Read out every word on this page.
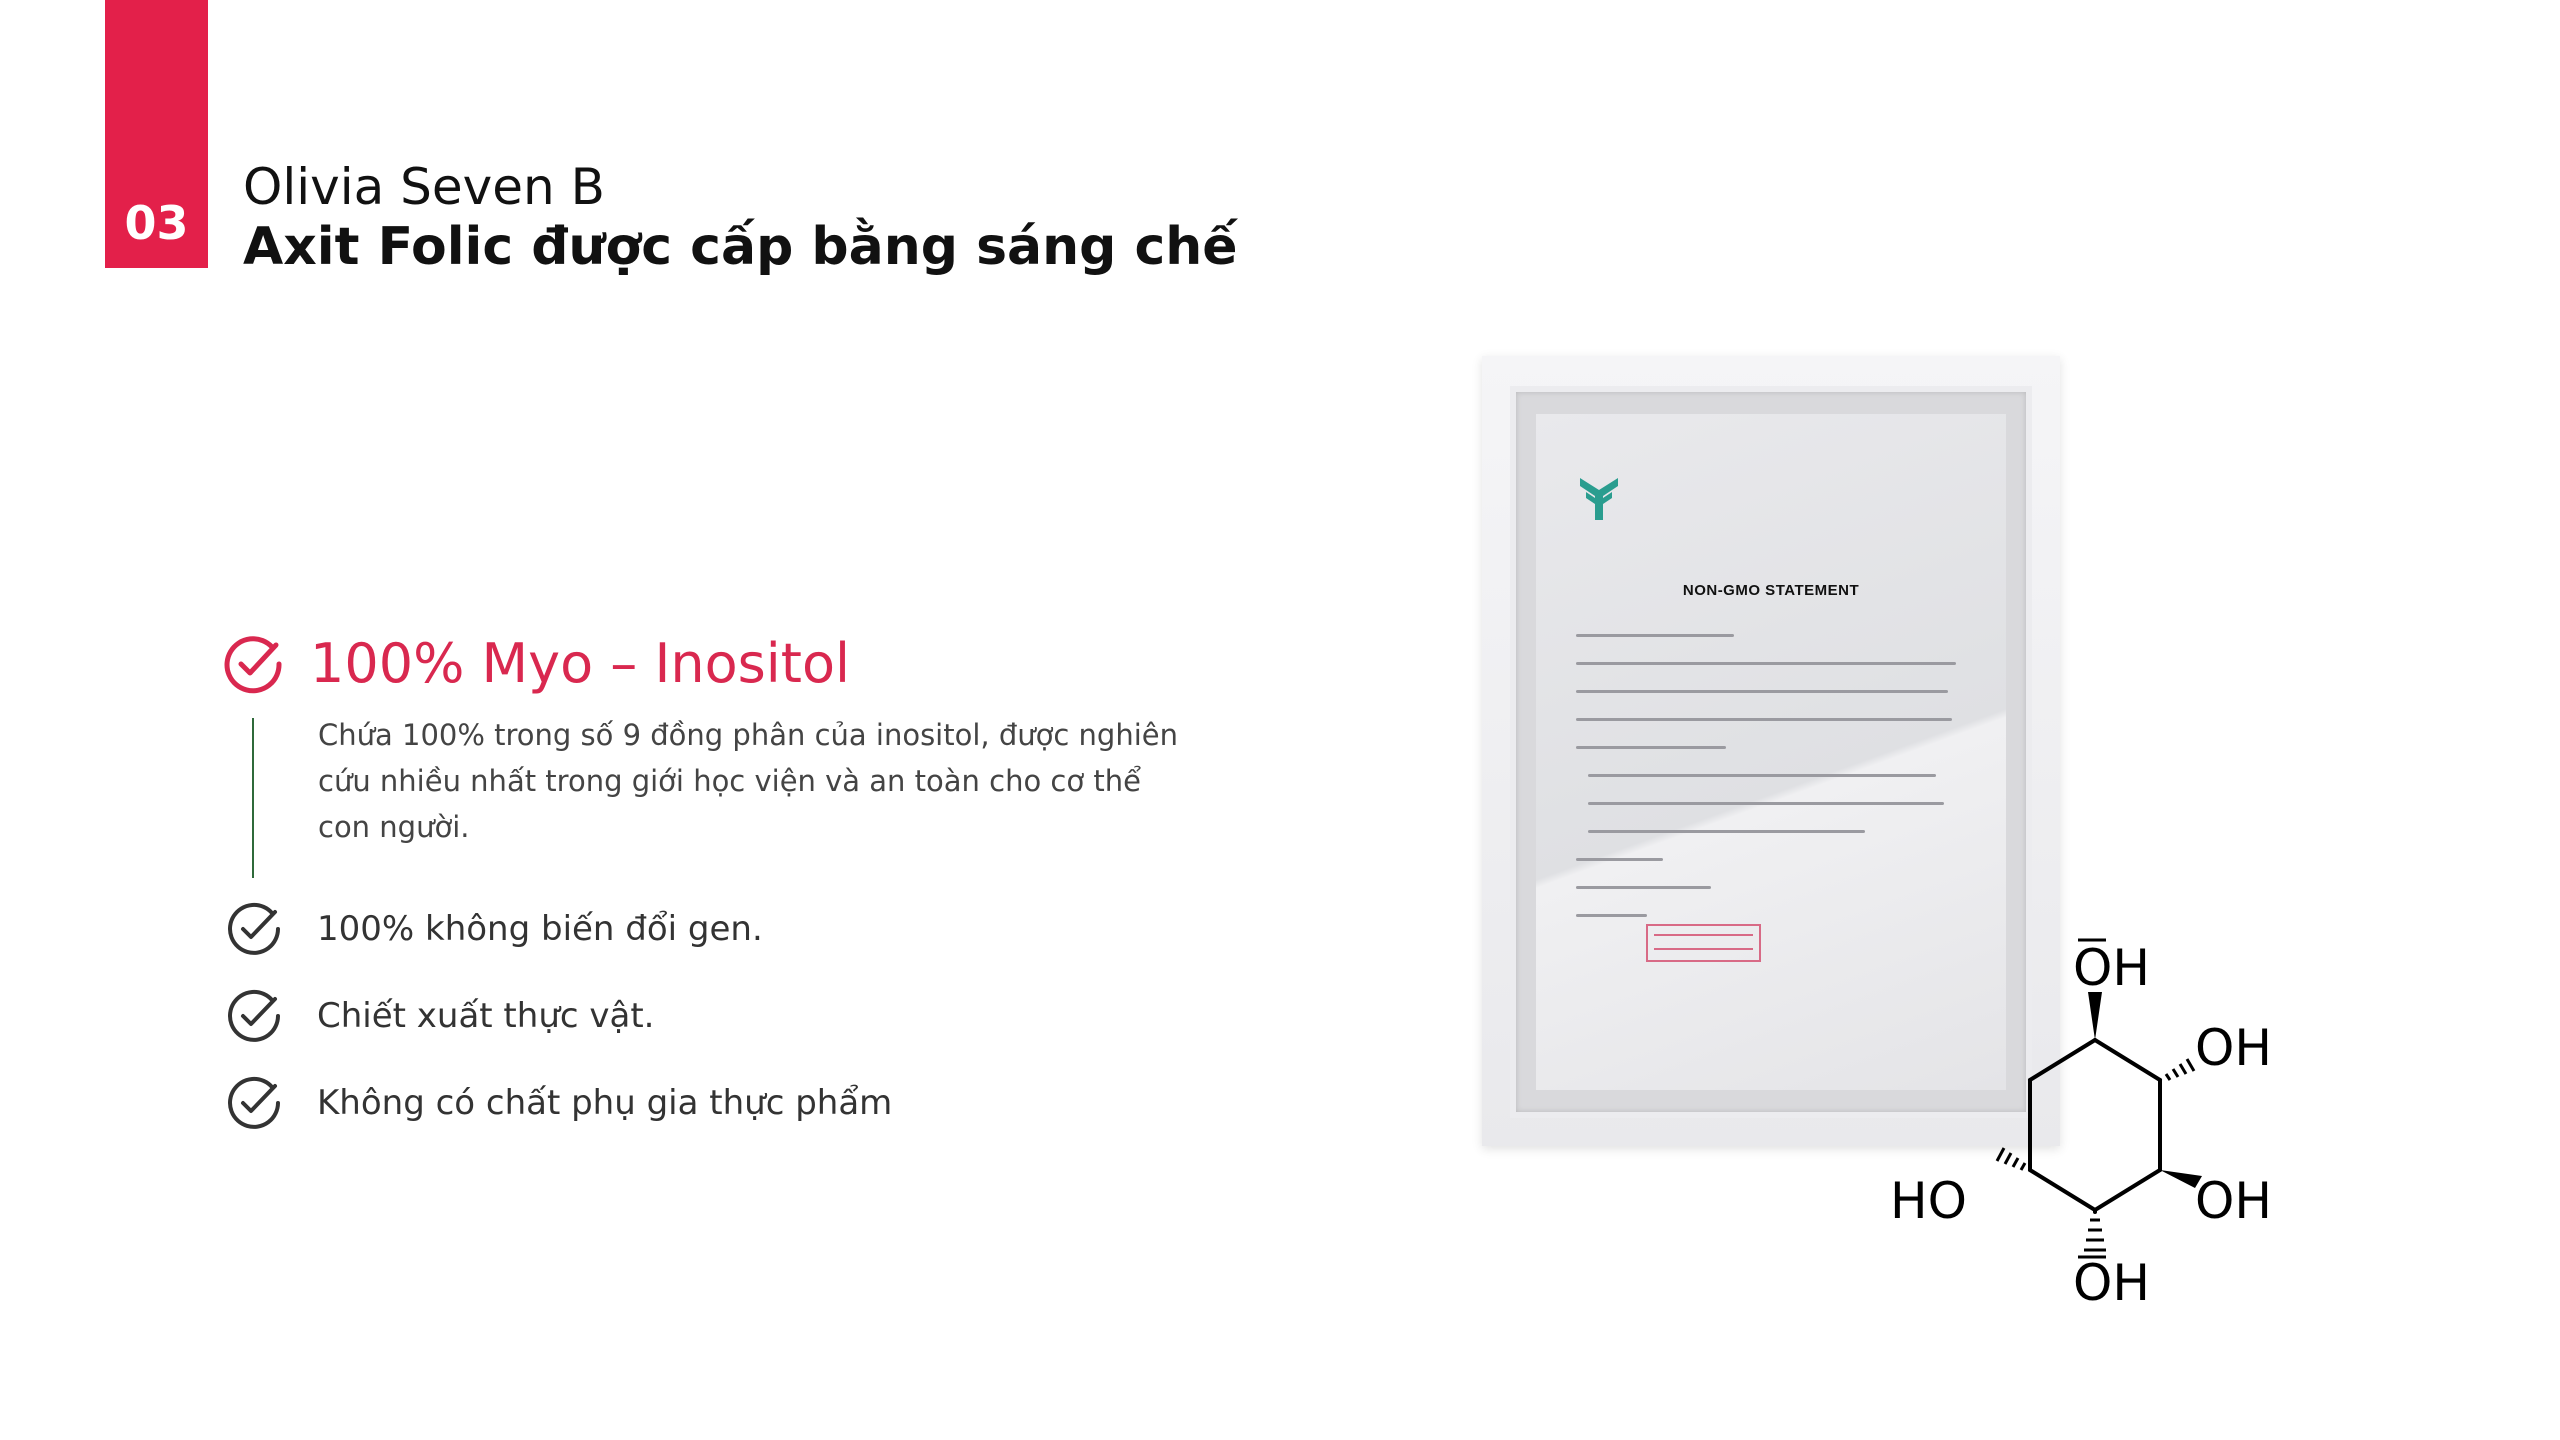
03
Olivia Seven B
Axit Folic được cấp bằng sáng chế
100% Myo – Inositol
Chứa 100% trong số 9 đồng phân của inositol, được nghiên cứu nhiều nhất trong giới học viện và an toàn cho cơ thể con người.
100% không biến đổi gen.
Chiết xuất thực vật.
Không có chất phụ gia thực phẩm
NON-GMO STATEMENT
OH
OH
OH
OH
HO
